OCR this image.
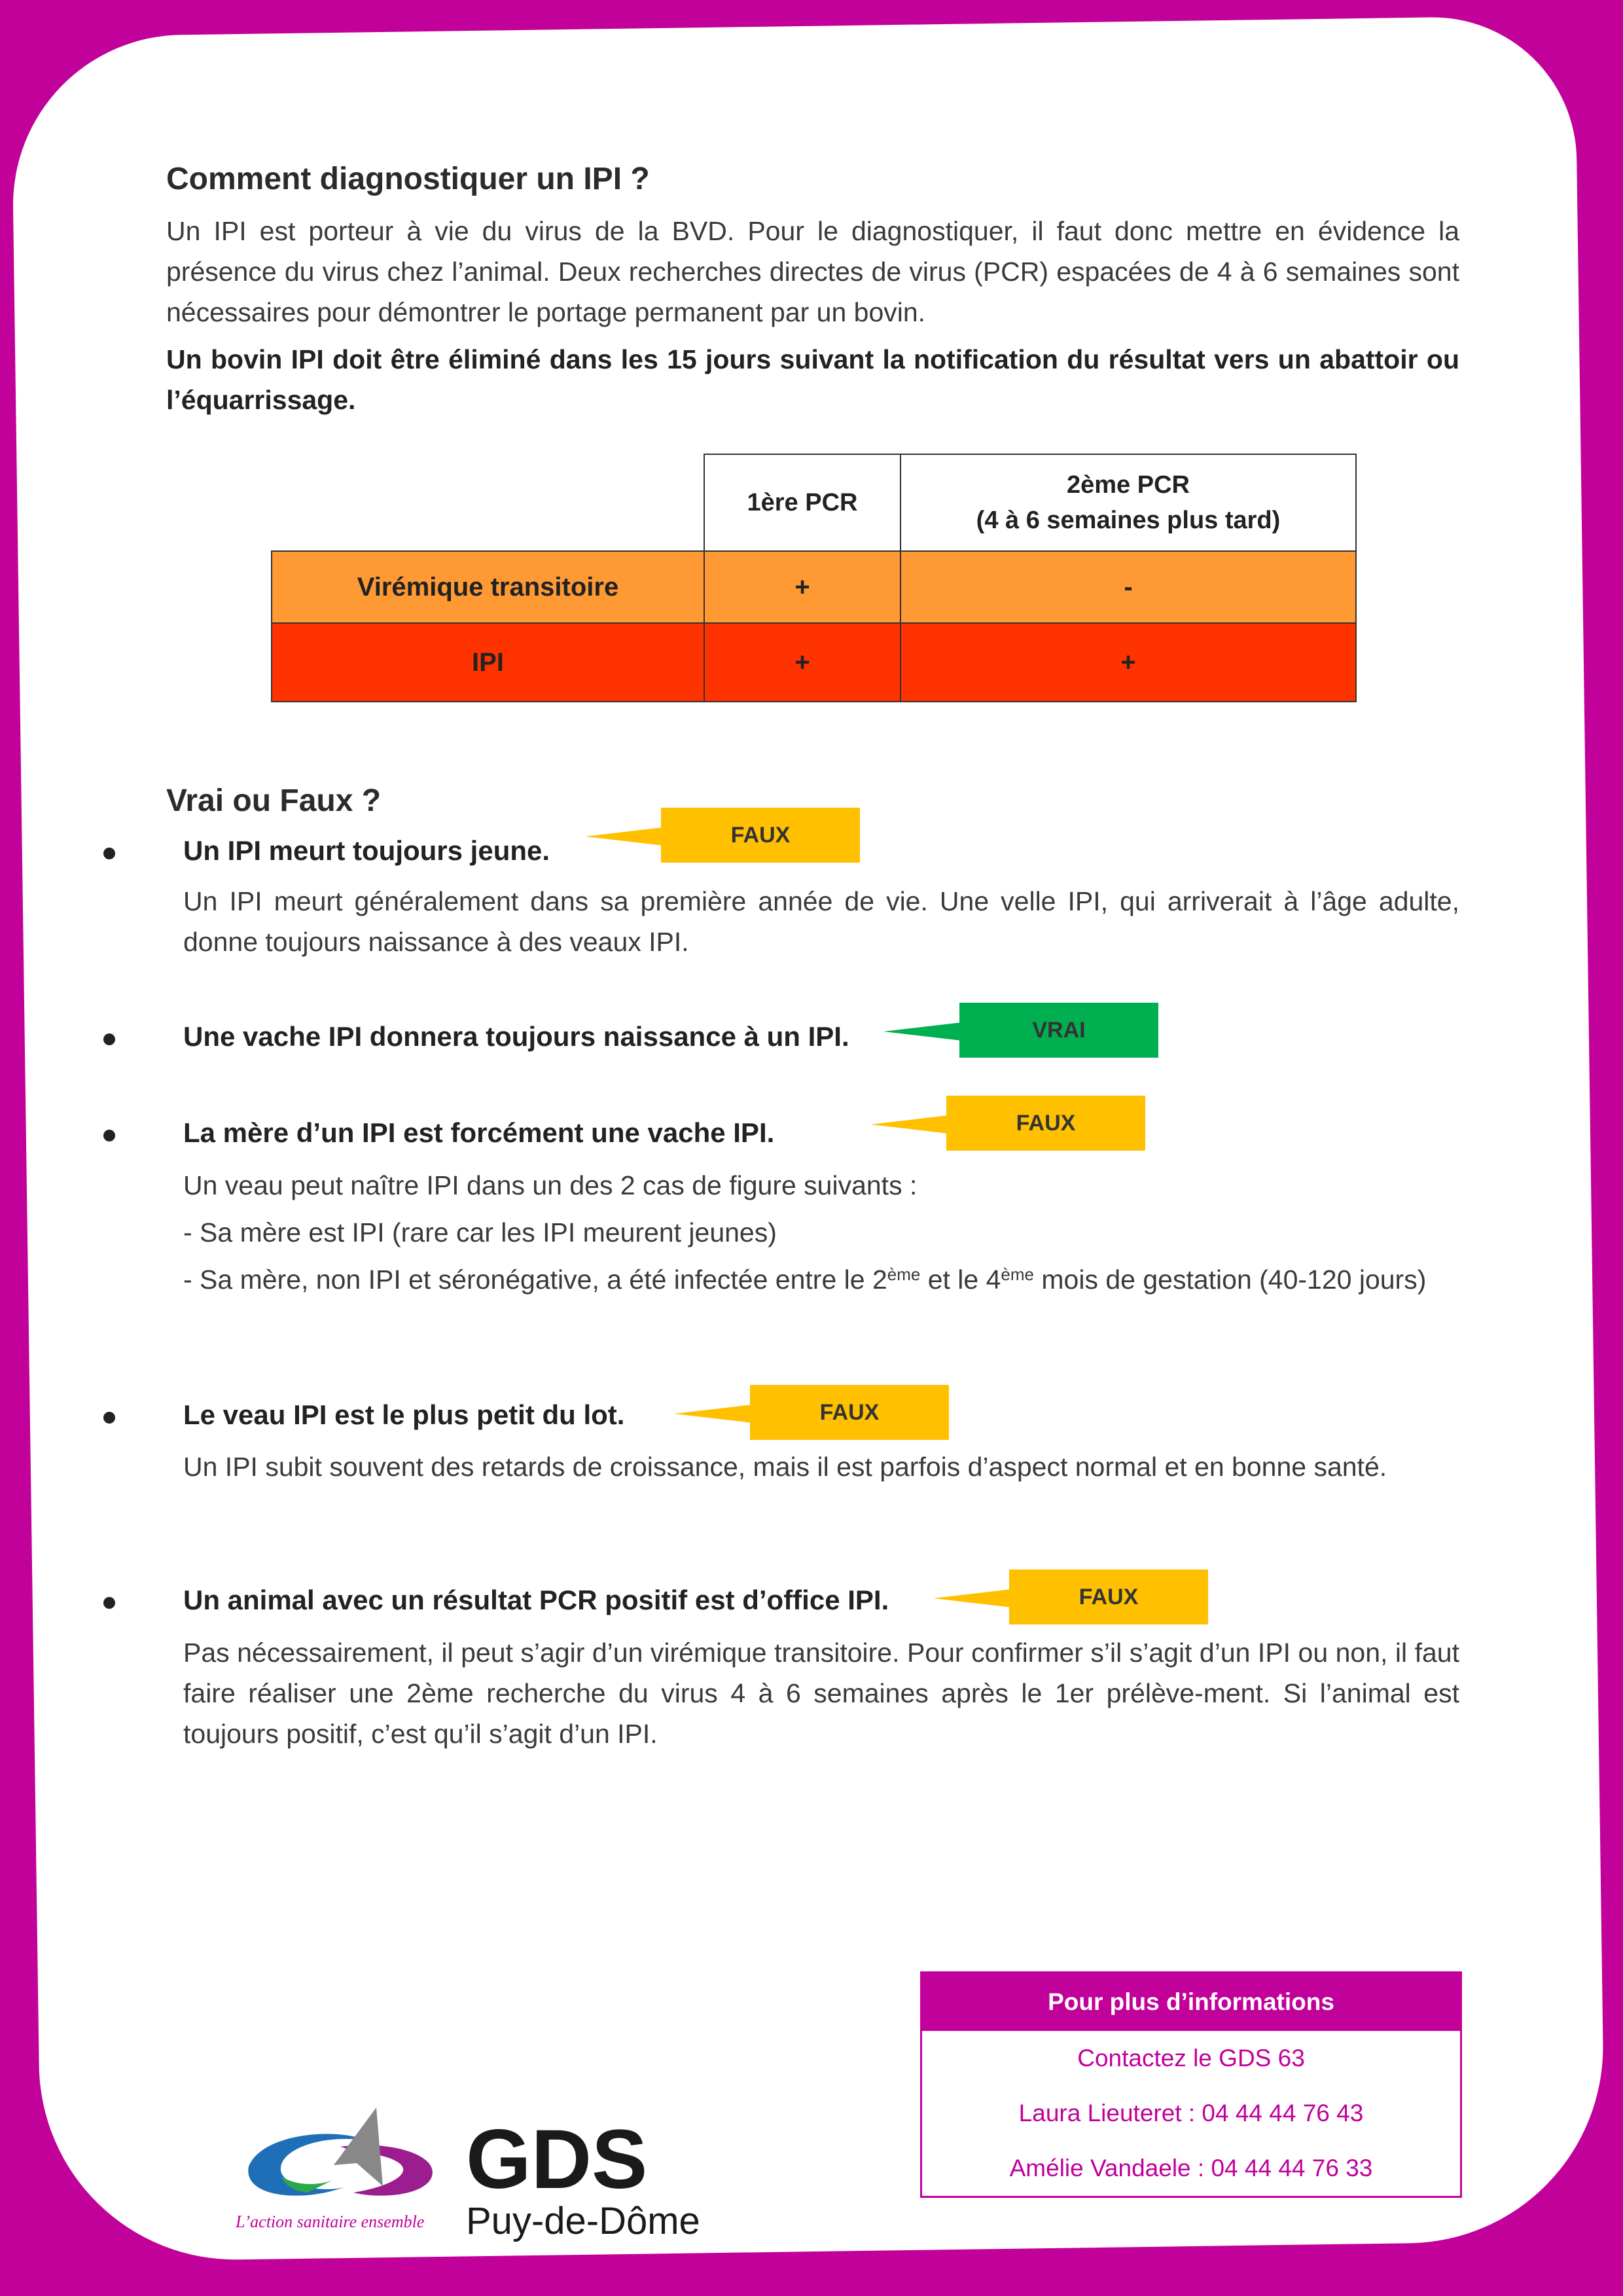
Comment diagnostiquer un IPI ?
Un IPI est porteur à vie du virus de la BVD. Pour le diagnostiquer, il faut donc mettre en évidence la présence du virus chez l’animal. Deux recherches directes de virus (PCR) espacées de 4 à 6 semaines sont nécessaires pour démontrer le portage permanent par un bovin.
Un bovin IPI doit être éliminé dans les 15 jours suivant la notification du résultat vers un abattoir ou l’équarrissage.
	1ère PCR	2ème PCR
(4 à 6 semaines plus tard)

Virémique transitoire	+	-
IPI	+	+
Vrai ou Faux ?
Un IPI meurt toujours jeune.
FAUX
Un IPI meurt généralement dans sa première année de vie. Une velle IPI, qui arriverait à l’âge adulte, donne toujours naissance à des veaux IPI.
Une vache IPI donnera toujours naissance à un IPI.	VRAI
La mère d’un IPI est forcément une vache IPI.	FAUX
Un veau peut naître IPI dans un des 2 cas de figure suivants :
- Sa mère est IPI (rare car les IPI meurent jeunes)
- Sa mère, non IPI et séronégative, a été infectée entre le 2ème et le 4ème mois de gestation (40-120 jours)
Le veau IPI est le plus petit du lot.	FAUX
Un IPI subit souvent des retards de croissance, mais il est parfois d’aspect normal et en bonne santé.
Un animal avec un résultat PCR positif est d’office IPI.	FAUX
Pas nécessairement, il peut s’agir d’un virémique transitoire. Pour confirmer s’il s’agit d’un IPI ou non, il faut faire réaliser une 2ème recherche du virus 4 à 6 semaines après le 1er prélève-ment. Si l’animal est toujours positif, c’est qu’il s’agit d’un IPI.
Pour plus d’informations
Contactez le GDS 63
Laura Lieuteret : 04 44 44 76 43
Amélie Vandaele : 04 44 44 76 33
L’action sanitaire ensemble
GDS
Puy-de-Dôme
